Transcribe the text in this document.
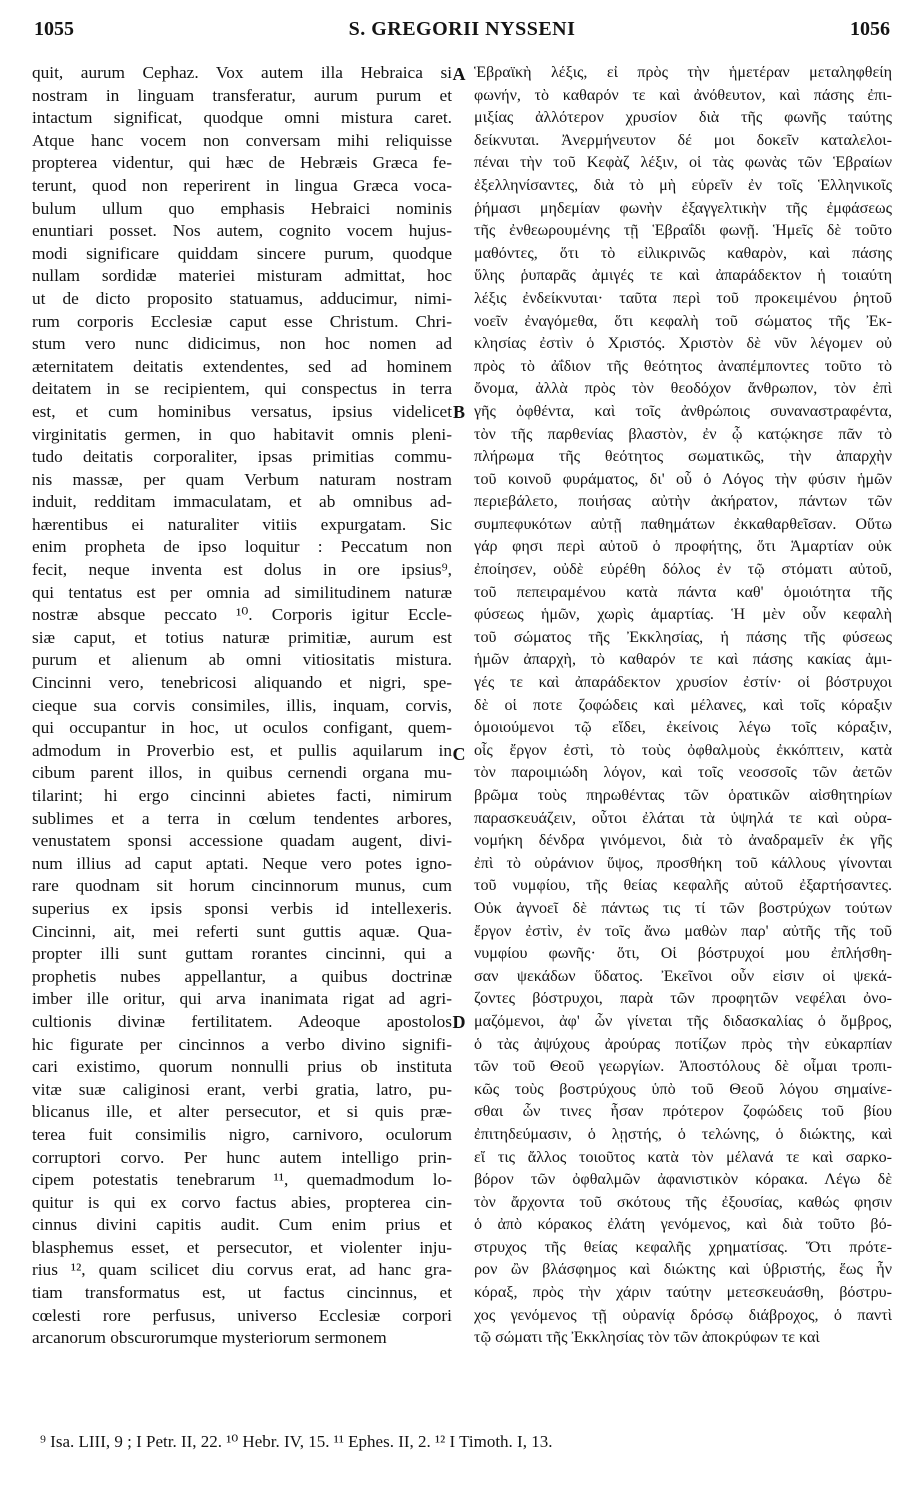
1055	S. GREGORII NYSSENI	1056
quit, aurum Cephaz. Vox autem illa Hebraica si
nostram in linguam transferatur, aurum purum et
intactum significat, quodque omni mistura caret.
Atque hanc vocem non conversam mihi reliquisse
propterea videntur, qui hæc de Hebræis Græca fe-
terunt, quod non reperirent in lingua Græca voca-
bulum ullum quo emphasis Hebraici nominis
enuntiari posset. Nos autem, cognito vocem hujus-
modi significare quiddam sincere purum, quodque
nullam sordidæ materiei misturam admittat, hoc
ut de dicto proposito statuamus, adducimur, nimi-
rum corporis Ecclesiæ caput esse Christum. Chri-
stum vero nunc didicimus, non hoc nomen ad
æternitatem deitatis extendentes, sed ad hominem
deitatem in se recipientem, qui conspectus in terra
est, et cum hominibus versatus, ipsius videlicet
virginitatis germen, in quo habitavit omnis pleni-
tudo deitatis corporaliter, ipsas primitias commu-
nis massæ, per quam Verbum naturam nostram
induit, redditam immaculatam, et ab omnibus ad-
hærentibus ei naturaliter vitiis expurgatam. Sic
enim propheta de ipso loquitur : Peccatum non
fecit, neque inventa est dolus in ore ipsius⁹,
qui tentatus est per omnia ad similitudinem naturæ
nostræ absque peccato ¹⁰. Corporis igitur Eccle-
siæ caput, et totius naturæ primitiæ, aurum est
purum et alienum ab omni vitiositatis mistura.
Cincinni vero, tenebricosi aliquando et nigri, spe-
cieque sua corvis consimiles, illis, inquam, corvis,
qui occupantur in hoc, ut oculos configant, quem-
admodum in Proverbio est, et pullis aquilarum in
cibum parent illos, in quibus cernendi organa mu-
tilarint; hi ergo cincinni abietes facti, nimirum
sublimes et a terra in cœlum tendentes arbores,
venustatem sponsi accessione quadam augent, divi-
num illius ad caput aptati. Neque vero potes igno-
rare quodnam sit horum cincinnorum munus, cum
superius ex ipsis sponsi verbis id intellexeris.
Cincinni, ait, mei referti sunt guttis aquæ. Qua-
propter illi sunt guttam rorantes cincinni, qui a
prophetis nubes appellantur, a quibus doctrinæ
imber ille oritur, qui arva inanimata rigat ad agri-
cultionis divinæ fertilitatem. Adeoque apostolos
hic figurate per cincinnos a verbo divino signifi-
cari existimo, quorum nonnulli prius ob instituta
vitæ suæ caliginosi erant, verbi gratia, latro, pu-
blicanus ille, et alter persecutor, et si quis præ-
terea fuit consimilis nigro, carnivoro, oculorum
corruptori corvo. Per hunc autem intelligo prin-
cipem potestatis tenebrarum ¹¹, quemadmodum lo-
quitur is qui ex corvo factus abies, propterea cin-
cinnus divini capitis audit. Cum enim prius et
blasphemus esset, et persecutor, et violenter inju-
rius ¹², quam scilicet diu corvus erat, ad hanc gra-
tiam transformatus est, ut factus cincinnus, et
cœlesti rore perfusus, universo Ecclesiæ corpori
arcanorum obscurorumque mysteriorum sermonem
Ἑβραϊκὴ λέξις, εἰ πρὸς τὴν ἡμετέραν μεταληφθείη
φωνήν, τὸ καθαρόν τε καὶ ἀνόθευτον, καὶ πάσης ἐπι-
μιξίας ἀλλότερον χρυσίον διὰ τῆς φωνῆς ταύτης
δείκνυται. Ἀνερμήνευτον δέ μοι δοκεῖν καταλελοι-
πέναι τὴν τοῦ Κεφὰζ λέξιν, οἱ τὰς φωνὰς τῶν Ἑβραίων
ἐξελληνίσαντες, διὰ τὸ μὴ εὑρεῖν ἐν τοῖς Ἑλληνικοῖς
ῥήμασι μηδεμίαν φωνὴν ἐξαγγελτικὴν τῆς ἐμφάσεως
τῆς ἐνθεωρουμένης τῇ Ἑβραΐδι φωνῇ. Ἡμεῖς δὲ τοῦτο
μαθόντες, ὅτι τὸ εἰλικρινῶς καθαρὸν, καὶ πάσης
ὕλης ῥυπαρᾶς ἀμιγές τε καὶ ἀπαράδεκτον ἡ τοιαύτη
λέξις ἐνδείκνυται· ταῦτα περὶ τοῦ προκειμένου ῥητοῦ
νοεῖν ἐναγόμεθα, ὅτι κεφαλὴ τοῦ σώματος τῆς Ἐκ-
κλησίας ἐστὶν ὁ Χριστός. Χριστὸν δὲ νῦν λέγομεν οὐ
πρὸς τὸ ἀΐδιον τῆς θεότητος ἀναπέμποντες τοῦτο τὸ
ὄνομα, ἀλλὰ πρὸς τὸν θεοδόχον ἄνθρωπον, τὸν ἐπὶ
γῆς ὀφθέντα, καὶ τοῖς ἀνθρώποις συναναστραφέντα,
τὸν τῆς παρθενίας βλαστὸν, ἐν ᾧ κατῴκησε πᾶν τὸ
πλήρωμα τῆς θεότητος σωματικῶς, τὴν ἀπαρχὴν
τοῦ κοινοῦ φυράματος, δι' οὗ ὁ Λόγος τὴν φύσιν ἡμῶν
περιεβάλετο, ποιήσας αὐτὴν ἀκήρατον, πάντων τῶν
συμπεφυκότων αὐτῇ παθημάτων ἐκκαθαρθεῖσαν. Οὕτω
γάρ φησι περὶ αὐτοῦ ὁ προφήτης, ὅτι Ἁμαρτίαν οὐκ
ἐποίησεν, οὐδὲ εὑρέθη δόλος ἐν τῷ στόματι αὐτοῦ,
τοῦ πεπειραμένου κατὰ πάντα καθ' ὁμοιότητα τῆς
φύσεως ἡμῶν, χωρὶς ἁμαρτίας. Ἡ μὲν οὖν κεφαλὴ
τοῦ σώματος τῆς Ἐκκλησίας, ἡ πάσης τῆς φύσεως
ἡμῶν ἀπαρχὴ, τὸ καθαρόν τε καὶ πάσης κακίας ἀμι-
γές τε καὶ ἀπαράδεκτον χρυσίον ἐστίν· οἱ βόστρυχοι
δὲ οἱ ποτε ζοφώδεις καὶ μέλανες, καὶ τοῖς κόραξιν
ὁμοιούμενοι τῷ εἴδει, ἐκείνοις λέγω τοῖς κόραξιν,
οἷς ἔργον ἐστὶ, τὸ τοὺς ὀφθαλμοὺς ἐκκόπτειν, κατὰ
τὸν παροιμιώδη λόγον, καὶ τοῖς νεοσσοῖς τῶν ἀετῶν
βρῶμα τοὺς πηρωθέντας τῶν ὁρατικῶν αἰσθητηρίων
παρασκευάζειν, οὗτοι ἐλάται τὰ ὑψηλά τε καὶ οὐρα-
νομήκη δένδρα γινόμενοι, διὰ τὸ ἀναδραμεῖν ἐκ γῆς
ἐπὶ τὸ οὐράνιον ὕψος, προσθήκη τοῦ κάλλους γίνονται
τοῦ νυμφίου, τῆς θείας κεφαλῆς αὐτοῦ ἐξαρτήσαντες.
Οὐκ ἀγνοεῖ δὲ πάντως τις τί τῶν βοστρύχων τούτων
ἔργον ἐστὶν, ἐν τοῖς ἄνω μαθὼν παρ' αὐτῆς τῆς τοῦ
νυμφίου φωνῆς· ὅτι, Οἱ βόστρυχοί μου ἐπλήσθη-
σαν ψεκάδων ὕδατος. Ἐκεῖνοι οὖν εἰσιν οἱ ψεκά-
ζοντες βόστρυχοι, παρὰ τῶν προφητῶν νεφέλαι ὀνο-
μαζόμενοι, ἀφ' ὧν γίνεται τῆς διδασκαλίας ὁ ὄμβρος,
ὁ τὰς ἀψύχους ἀρούρας ποτίζων πρὸς τὴν εὐκαρπίαν
τῶν τοῦ Θεοῦ γεωργίων. Ἀποστόλους δὲ οἶμαι τροπι-
κῶς τοὺς βοστρύχους ὑπὸ τοῦ Θεοῦ λόγου σημαίνε-
σθαι ὧν τινες ἦσαν πρότερον ζοφώδεις τοῦ βίου
ἐπιτηδεύμασιν, ὁ λῃστής, ὁ τελώνης, ὁ διώκτης, καὶ
εἴ τις ἄλλος τοιοῦτος κατὰ τὸν μέλανά τε καὶ σαρκο-
βόρον τῶν ὀφθαλμῶν ἀφανιστικὸν κόρακα. Λέγω δὲ
τὸν ἄρχοντα τοῦ σκότους τῆς ἐξουσίας, καθώς φησιν
ὁ ἀπὸ κόρακος ἐλάτη γενόμενος, καὶ διὰ τοῦτο βό-
στρυχος τῆς θείας κεφαλῆς χρηματίσας. Ὅτι πρότε-
ρον ὢν βλάσφημος καὶ διώκτης καὶ ὑβριστής, ἕως ἦν
κόραξ, πρὸς τὴν χάριν ταύτην μετεσκευάσθη, βόστρυ-
χος γενόμενος τῇ οὐρανίᾳ δρόσῳ διάβροχος, ὁ παντὶ
τῷ σώματι τῆς Ἐκκλησίας τὸν τῶν ἀποκρύφων τε καὶ
A
B
C
D
⁹ Isa. LIII, 9 ; I Petr. II, 22. ¹⁰ Hebr. IV, 15. ¹¹ Ephes. II, 2. ¹² I Timoth. I, 13.
